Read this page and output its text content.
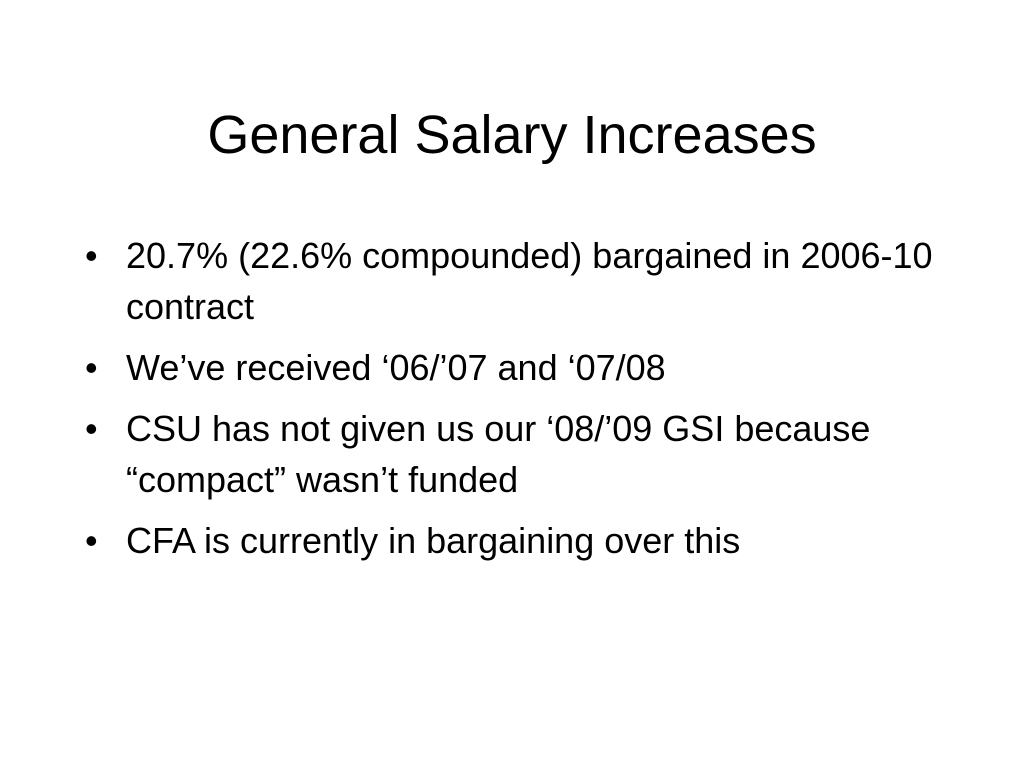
General Salary Increases
• 20.7% (22.6% compounded) bargained in 2006-10 contract
• We’ve received ‘06/’07 and ‘07/08
• CSU has not given us our ‘08/’09 GSI because “compact” wasn’t funded
• CFA is currently in bargaining over this
